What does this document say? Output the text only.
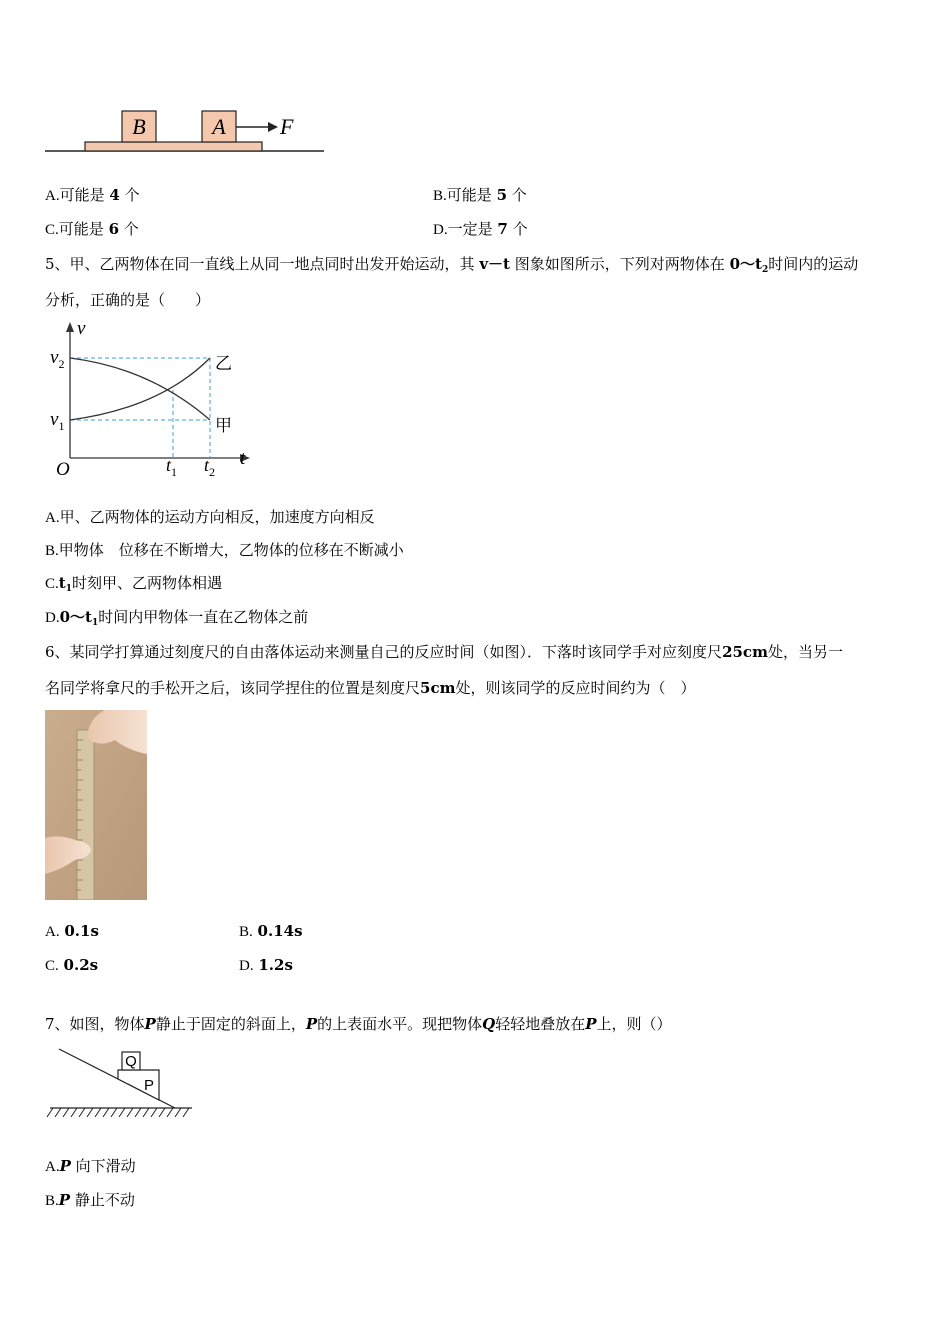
B	A F
A.可能是 4 个	B.可能是 5 个
C.可能是 6 个	D.一定是 7 个
5、甲、乙两物体在同一直线上从同一地点同时出发开始运动，其 v－t 图象如图所示，下列对两物体在 $0\sim t_2$时间内的运动
分析，正确的是（　　）
v
$v_2$
$v_1$
O	$t_1$ $t_2$
t
乙
甲
A.甲、乙两物体的运动方向相反，加速度方向相反
B.甲物体　位移在不断增大，乙物体的位移在不断减小
$C.t_1$时刻甲、乙两物体相遇
$D.0\sim t_1$时间内甲物体一直在乙物体之前
6、某同学打算通过刻度尺的自由落体运动来测量自己的反应时间（如图）．下落时该同学手对应刻度尺25cm处，当另一
名同学将拿尺的手松开之后，该同学捏住的位置是刻度尺5cm处，则该同学的反应时间约为（　）
A. 0.1s	B. 0.14s
C. 0.2s	D. 1.2s
7、如图，物体P静止于固定的斜面上，P的上表面水平。现把物体Q轻轻地叠放在P上，则（）
Q
P
A.P 向下滑动
B.P 静止不动
